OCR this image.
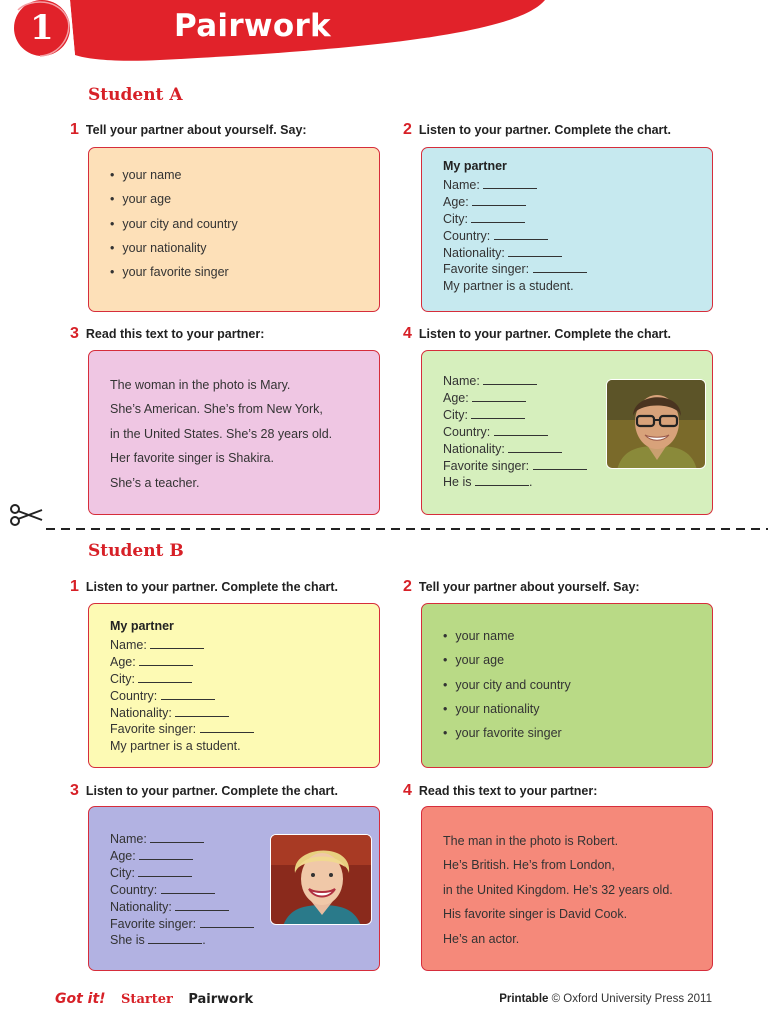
1	Pairwork
Student A
1 Tell your partner about yourself. Say:
• your name
• your age
• your city and country
• your nationality
• your favorite singer
2 Listen to your partner. Complete the chart.
My partner
Name:
Age:
City:
Country:
Nationality:
Favorite singer:
My partner is a student.
3 Read this text to your partner:
The woman in the photo is Mary.
She’s American. She’s from New York,
in the United States. She’s 28 years old.
Her favorite singer is Shakira.
She’s a teacher.
4 Listen to your partner. Complete the chart.
Name:
Age:
City:
Country:
Nationality:
Favorite singer:
He is	.
Student B
1 Listen to your partner. Complete the chart.
My partner
Name:
Age:
City:
Country:
Nationality:
Favorite singer:
My partner is a student.
2 Tell your partner about yourself. Say:
• your name
• your age
• your city and country
• your nationality
• your favorite singer
3 Listen to your partner. Complete the chart.
Name:
Age:
City:
Country:
Nationality:
Favorite singer:
She is	.
4 Read this text to your partner:
The man in the photo is Robert.
He’s British. He’s from London,
in the United Kingdom. He’s 32 years old.
His favorite singer is David Cook.
He’s an actor.
Got it! Starter Pairwork	Printable © Oxford University Press 2011
